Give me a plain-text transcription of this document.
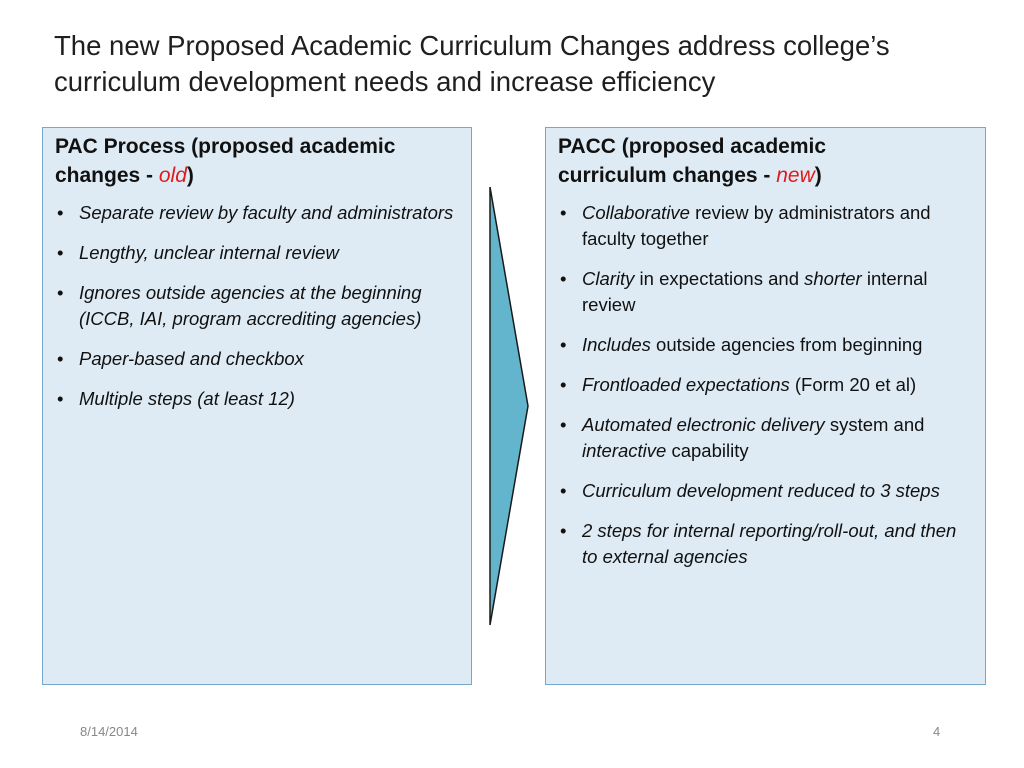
The new Proposed Academic Curriculum Changes address college’s
curriculum development needs and increase efficiency
PAC Process (proposed academic
changes - old)
• Separate review by faculty and administrators
• Lengthy, unclear internal review
• Ignores outside agencies at the beginning (ICCB, IAI, program accrediting agencies)
• Paper-based and checkbox
• Multiple steps (at least 12)
PACC (proposed academic
curriculum changes - new)
• Collaborative review by administrators and faculty together
• Clarity in expectations and shorter internal review
• Includes outside agencies from beginning
• Frontloaded expectations (Form 20 et al)
• Automated electronic delivery system and interactive capability
• Curriculum development reduced to 3 steps
• 2 steps for internal reporting/roll-out, and then to external agencies
8/14/2014	4
